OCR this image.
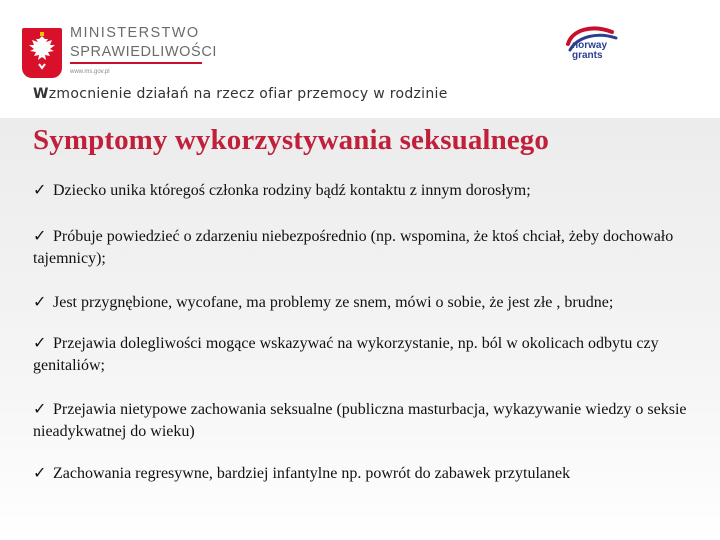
MINISTERSTWO
SPRAWIEDLIWOŚCI
www.ms.gov.pl
norway
grants
Wzmocnienie działań na rzecz ofiar przemocy w rodzinie
Symptomy wykorzystywania seksualnego
✓ Dziecko unika któregoś członka rodziny bądź kontaktu z innym dorosłym;
✓ Próbuje powiedzieć o zdarzeniu niebezpośrednio (np. wspomina, że ktoś chciał, żeby dochowało tajemnicy);
✓ Jest przygnębione, wycofane, ma problemy ze snem, mówi o sobie, że jest złe , brudne;
✓ Przejawia dolegliwości mogące wskazywać na wykorzystanie, np. ból w okolicach odbytu czy genitaliów;
✓ Przejawia nietypowe zachowania seksualne (publiczna masturbacja, wykazywanie wiedzy o seksie nieadykwatnej do wieku)
✓ Zachowania regresywne, bardziej infantylne np. powrót do zabawek przytulanek
